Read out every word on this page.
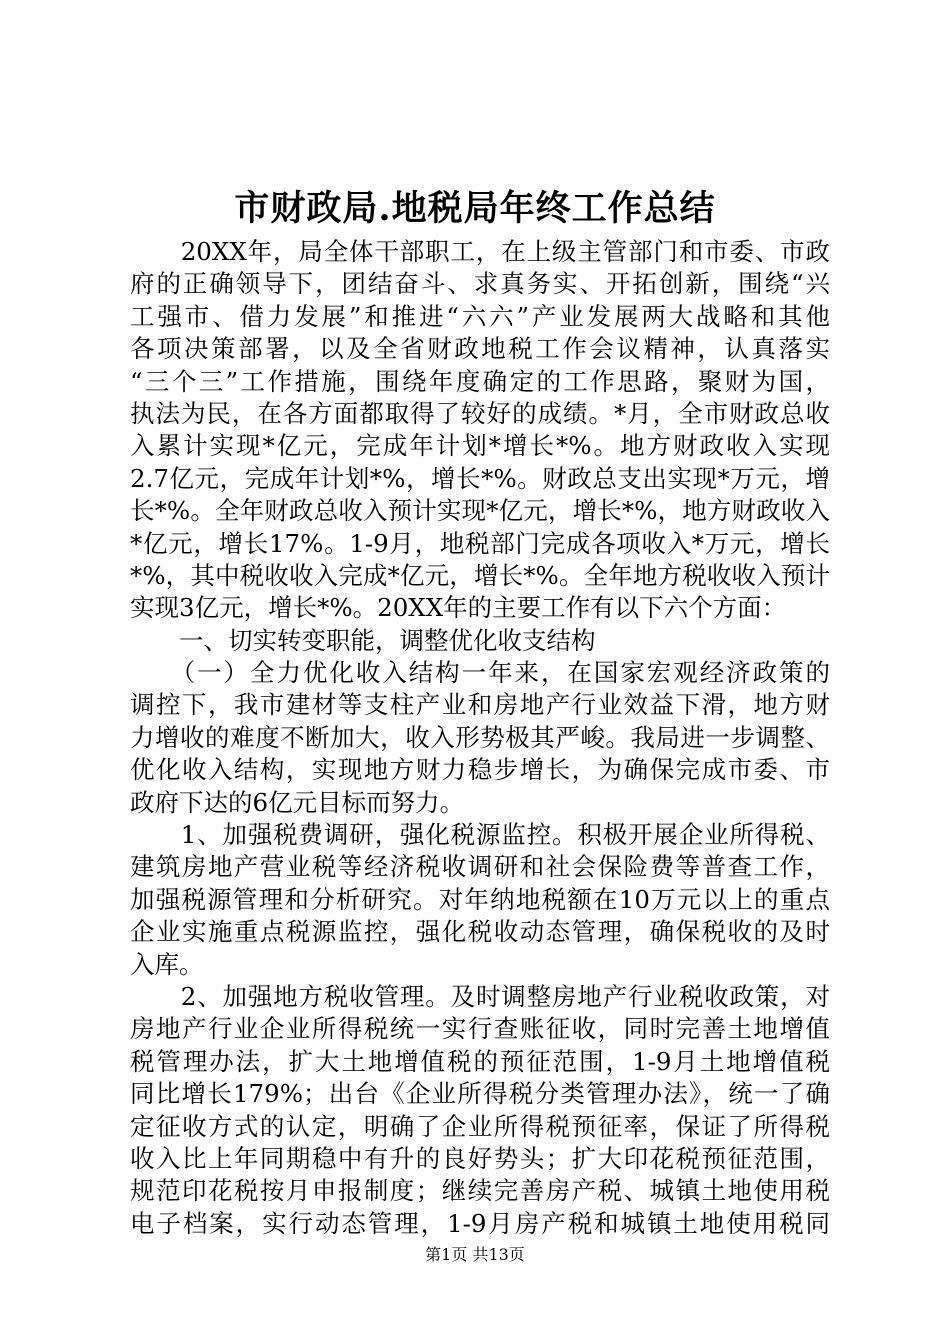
市财政局.地税局年终工作总结
　　20XX年，局全体干部职工，在上级主管部门和市委、市政
府的正确领导下，团结奋斗、求真务实、开拓创新，围绕“兴
工强市、借力发展”和推进“六六”产业发展两大战略和其他
各项决策部署，以及全省财政地税工作会议精神，认真落实
“三个三”工作措施，围绕年度确定的工作思路，聚财为国，
执法为民，在各方面都取得了较好的成绩。*月，全市财政总收
入累计实现*亿元，完成年计划*增长*%。地方财政收入实现
2.7亿元，完成年计划*%，增长*%。财政总支出实现*万元，增
长*%。全年财政总收入预计实现*亿元，增长*%，地方财政收入
*亿元，增长17%。1-9月，地税部门完成各项收入*万元，增长
*%，其中税收收入完成*亿元，增长*%。全年地方税收收入预计
实现3亿元，增长*%。20XX年的主要工作有以下六个方面：
　　一、切实转变职能，调整优化收支结构
　　（一）全力优化收入结构一年来，在国家宏观经济政策的
调控下，我市建材等支柱产业和房地产行业效益下滑，地方财
力增收的难度不断加大，收入形势极其严峻。我局进一步调整、
优化收入结构，实现地方财力稳步增长，为确保完成市委、市
政府下达的6亿元目标而努力。
　　1、加强税费调研，强化税源监控。积极开展企业所得税、
建筑房地产营业税等经济税收调研和社会保险费等普查工作，
加强税源管理和分析研究。对年纳地税额在10万元以上的重点
企业实施重点税源监控，强化税收动态管理，确保税收的及时
入库。
　　2、加强地方税收管理。及时调整房地产行业税收政策，对
房地产行业企业所得税统一实行查账征收，同时完善土地增值
税管理办法，扩大土地增值税的预征范围，1-9月土地增值税
同比增长179%；出台《企业所得税分类管理办法》，统一了确
定征收方式的认定，明确了企业所得税预征率，保证了所得税
收入比上年同期稳中有升的良好势头；扩大印花税预征范围，
规范印花税按月申报制度；继续完善房产税、城镇土地使用税
电子档案，实行动态管理，1-9月房产税和城镇土地使用税同
第1页 共13页
